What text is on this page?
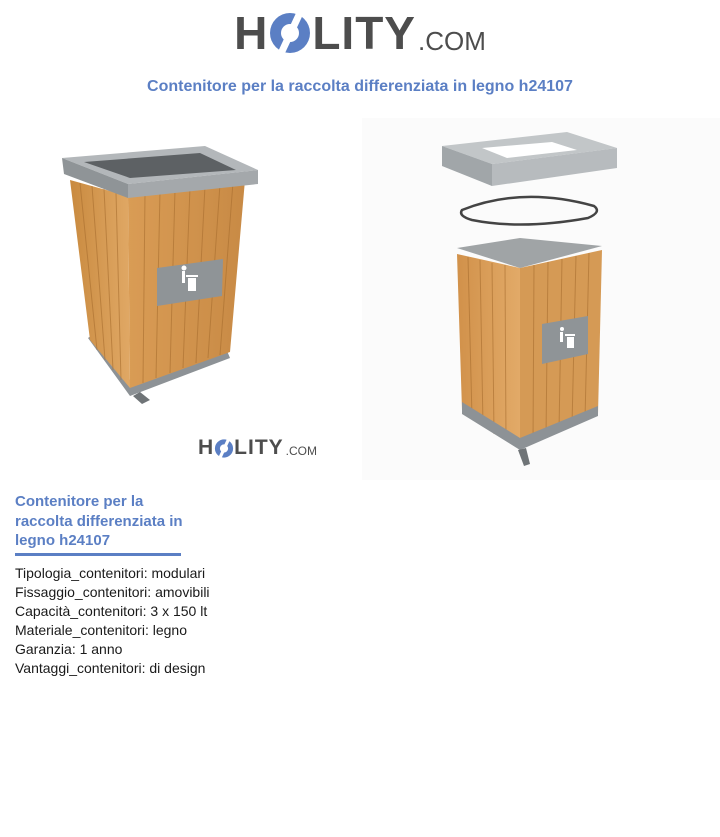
H LITY .COM
Contenitore per la raccolta differenziata in legno h24107
H LITY .COM
Contenitore per la raccolta differenziata in legno h24107
Tipologia_contenitori: modulari
Fissaggio_contenitori: amovibili
Capacità_contenitori: 3 x 150 lt
Materiale_contenitori: legno
Garanzia: 1 anno
Vantaggi_contenitori: di design
